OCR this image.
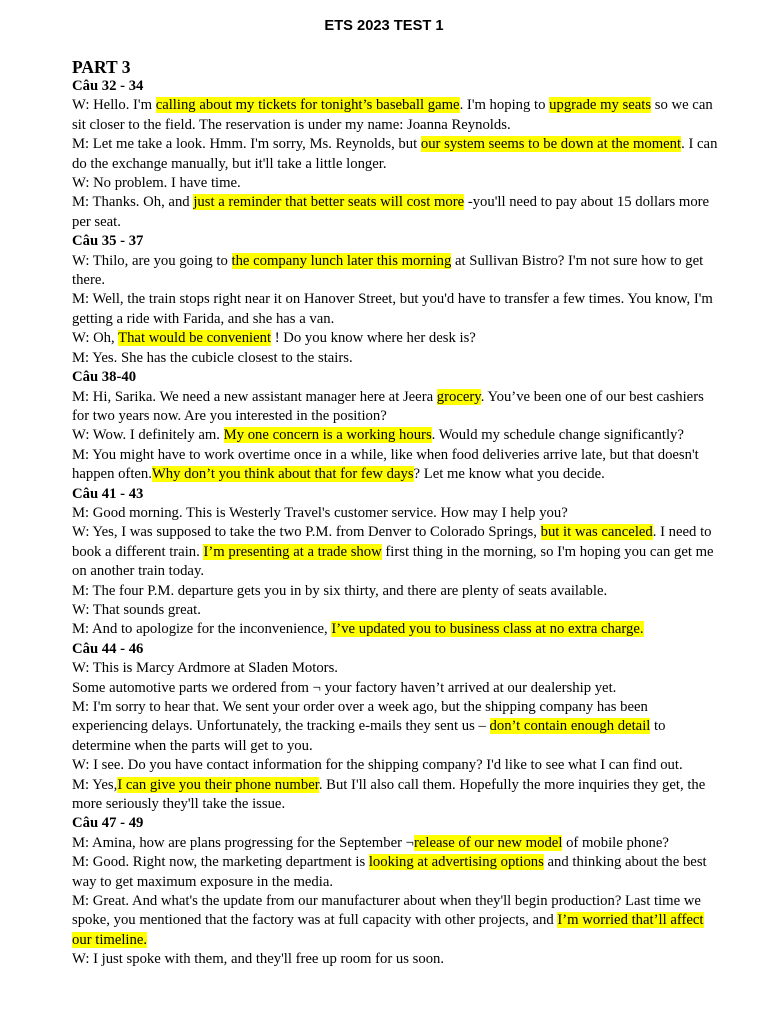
ETS 2023 TEST 1
PART 3
Câu 32 - 34

W: Hello. I'm calling about my tickets for tonight’s baseball game. I'm hoping to upgrade my seats so we can sit closer to the field. The reservation is under my name: Joanna Reynolds.

M: Let me take a look. Hmm. I'm sorry, Ms. Reynolds, but our system seems to be down at the moment. I can do the exchange manually, but it'll take a little longer.

W: No problem. I have time.

M: Thanks. Oh, and just a reminder that better seats will cost more -you'll need to pay about 15 dollars more per seat.

Câu 35 - 37

W: Thilo, are you going to the company lunch later this morning at Sullivan Bistro? I'm not sure how to get there.

M: Well, the train stops right near it on Hanover Street, but you'd have to transfer a few times. You know, I'm getting a ride with Farida, and she has a van.

W: Oh, That would be convenient ! Do you know where her desk is?

M: Yes. She has the cubicle closest to the stairs.

Câu 38-40

M: Hi, Sarika. We need a new assistant manager here at Jeera grocery. You’ve been one of our best cashiers for two years now. Are you interested in the position?

W: Wow. I definitely am. My one concern is a working hours. Would my schedule change significantly?

M: You might have to work overtime once in a while, like when food deliveries arrive late, but that doesn't happen often.Why don’t you think about that for few days? Let me know what you decide.

Câu 41 - 43

M: Good morning. This is Westerly Travel's customer service. How may I help you?

W: Yes, I was supposed to take the two P.M. from Denver to Colorado Springs, but it was canceled. I need to book a different train. I’m presenting at a trade show first thing in the morning, so I'm hoping you can get me on another train today.

M: The four P.M. departure gets you in by six thirty, and there are plenty of seats available.

W: That sounds great.

M: And to apologize for the inconvenience, I’ve updated you to business class at no extra charge.

Câu 44 - 46

W: This is Marcy Ardmore at Sladen Motors.

Some automotive parts we ordered from ¬ your factory haven’t arrived at our dealership yet.

M: I'm sorry to hear that. We sent your order over a week ago, but the shipping company has been experiencing delays. Unfortunately, the tracking e-mails they sent us – don’t contain enough detail to determine when the parts will get to you.

W: I see. Do you have contact information for the shipping company? I'd like to see what I can find out.

M: Yes,I can give you their phone number. But I'll also call them. Hopefully the more inquiries they get, the more seriously they'll take the issue.

Câu 47 - 49

M: Amina, how are plans progressing for the September ¬release of our new model of mobile phone?

M: Good. Right now, the marketing department is looking at advertising options and thinking about the best way to get maximum exposure in the media.

M: Great. And what's the update from our manufacturer about when they'll begin production? Last time we spoke, you mentioned that the factory was at full capacity with other projects, and I’m worried that’ll affect our timeline.

W: I just spoke with them, and they'll free up room for us soon.
